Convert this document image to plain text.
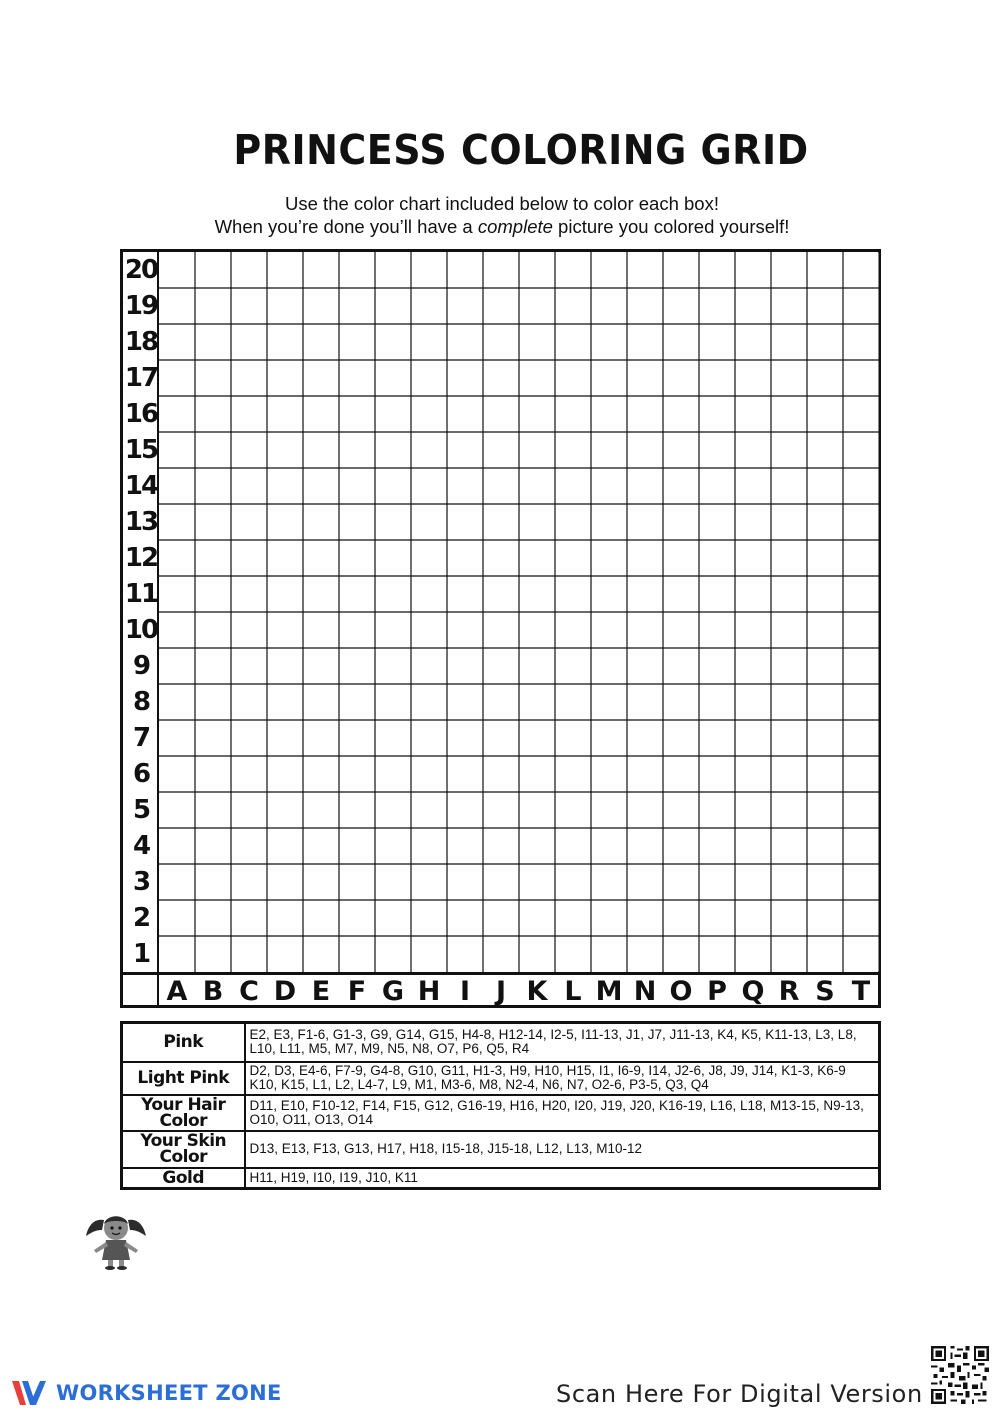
PRINCESS COLORING GRID
Use the color chart included below to color each box!
When you’re done you’ll have a complete picture you colored yourself!
20
19
18
17
16
15
14
13
12
11
10
9
8
7
6
5
4
3
2
1
A B C D E F G H I J K L M N O P Q R S T
Pink	E2, E3, F1-6, G1-3, G9, G14, G15, H4-8, H12-14, I2-5, I11-13, J1, J7, J11-13, K4, K5, K11-13, L3, L8, L10, L11, M5, M7, M9, N5, N8, O7, P6, Q5, R4
Light Pink	D2, D3, E4-6, F7-9, G4-8, G10, G11, H1-3, H9, H10, H15, I1, I6-9, I14, J2-6, J8, J9, J14, K1-3, K6-9 K10, K15, L1, L2, L4-7, L9, M1, M3-6, M8, N2-4, N6, N7, O2-6, P3-5, Q3, Q4
Your Hair Color	D11, E10, F10-12, F14, F15, G12, G16-19, H16, H20, I20, J19, J20, K16-19, L16, L18, M13-15, N9-13, O10, O11, O13, O14
Your Skin Color	D13, E13, F13, G13, H17, H18, I15-18, J15-18, L12, L13, M10-12
Gold	H11, H19, I10, I19, J10, K11
WORKSHEET ZONE	Scan Here For Digital Version
